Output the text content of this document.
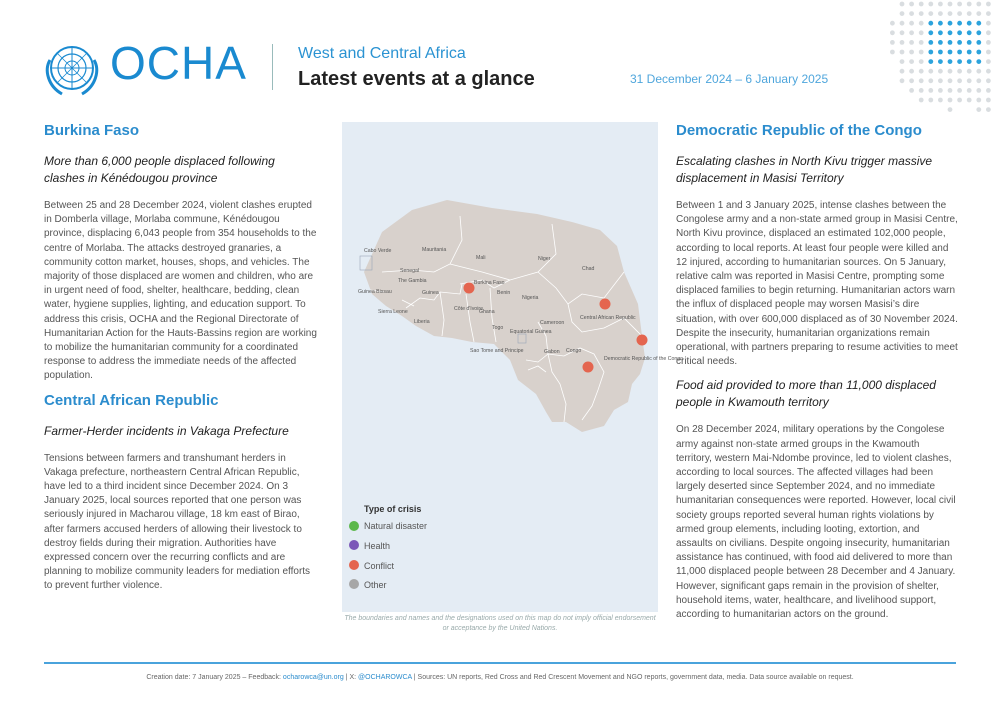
OCHA	West and Central Africa
Latest events at a glance	31 December 2024 – 6 January 2025
Burkina Faso

More than 6,000 people displaced following clashes in Kénédougou province

Between 25 and 28 December 2024, violent clashes erupted in Domberla village, Morlaba commune, Kénédougou province, displacing 6,043 people from 354 households to the centre of Morlaba. The attacks destroyed granaries, a community cotton market, houses, shops, and vehicles. The majority of those displaced are women and children, who are in urgent need of food, shelter, healthcare, bedding, clean water, hygiene supplies, lighting, and education support. To address this crisis, OCHA and the Regional Directorate of Humanitarian Action for the Hauts-Bassins region are working to mobilize the humanitarian community for a coordinated response to address the immediate needs of the affected population.

Central African Republic

Farmer-Herder incidents in Vakaga Prefecture

Tensions between farmers and transhumant herders in Vakaga prefecture, northeastern Central African Republic, have led to a third incident since December 2024. On 3 January 2025, local sources reported that one person was seriously injured in Macharou village, 18 km east of Birao, after farmers accused herders of allowing their livestock to destroy fields during their migration. Authorities have expressed concern over the recurring conflicts and are planning to mobilize community leaders for mediation efforts to prevent further violence.

Cabo Verde	Mauritania
Mali	Niger
Senegal
The Gambia
Guinea Bissau	Guinea
Burkina Faso
Chad
Sierra Leone	Côte d'Ivoire
Ghana
Benin
Nigeria
Liberia
Togo
Central African Republic
Cameroon
Equatorial Guinea
Sao Tome and Principe	Gabon Congo
Democratic Republic of the Congo
Type of crisis
Natural disaster
Health
Conflict
Other
The boundaries and names and the designations used on this map do not imply official endorsement or acceptance by the United Nations.
Democratic Republic of the Congo

Escalating clashes in North Kivu trigger massive displacement in Masisi Territory

Between 1 and 3 January 2025, intense clashes between the Congolese army and a non-state armed group in Masisi Centre, North Kivu province, displaced an estimated 102,000 people, according to local reports. At least four people were killed and 12 injured, according to humanitarian sources. On 5 January, relative calm was reported in Masisi Centre, prompting some displaced families to begin returning. Humanitarian actors warn the influx of displaced people may worsen Masisi’s dire situation, with over 600,000 displaced as of 30 November 2024. Despite the insecurity, humanitarian organizations remain operational, with partners preparing to resume activities to meet critical needs.

Food aid provided to more than 11,000 displaced people in Kwamouth territory

On 28 December 2024, military operations by the Congolese army against non-state armed groups in the Kwamouth territory, western Mai-Ndombe province, led to violent clashes, according to local sources. The affected villages had been largely deserted since September 2024, and no immediate humanitarian consequences were reported. However, local civil society groups reported several human rights violations by armed group elements, including looting, extortion, and assaults on civilians. Despite ongoing insecurity, humanitarian assistance has continued, with food aid delivered to more than 11,000 displaced people between 28 December and 4 January. However, significant gaps remain in the provision of shelter, household items, water, healthcare, and livelihood support, according to humanitarian actors on the ground.

Creation date: 7 January 2025 – Feedback: ocharowca@un.org | X: @OCHAROWCA | Sources: UN reports, Red Cross and Red Crescent Movement and NGO reports, government data, media. Data source available on request.
